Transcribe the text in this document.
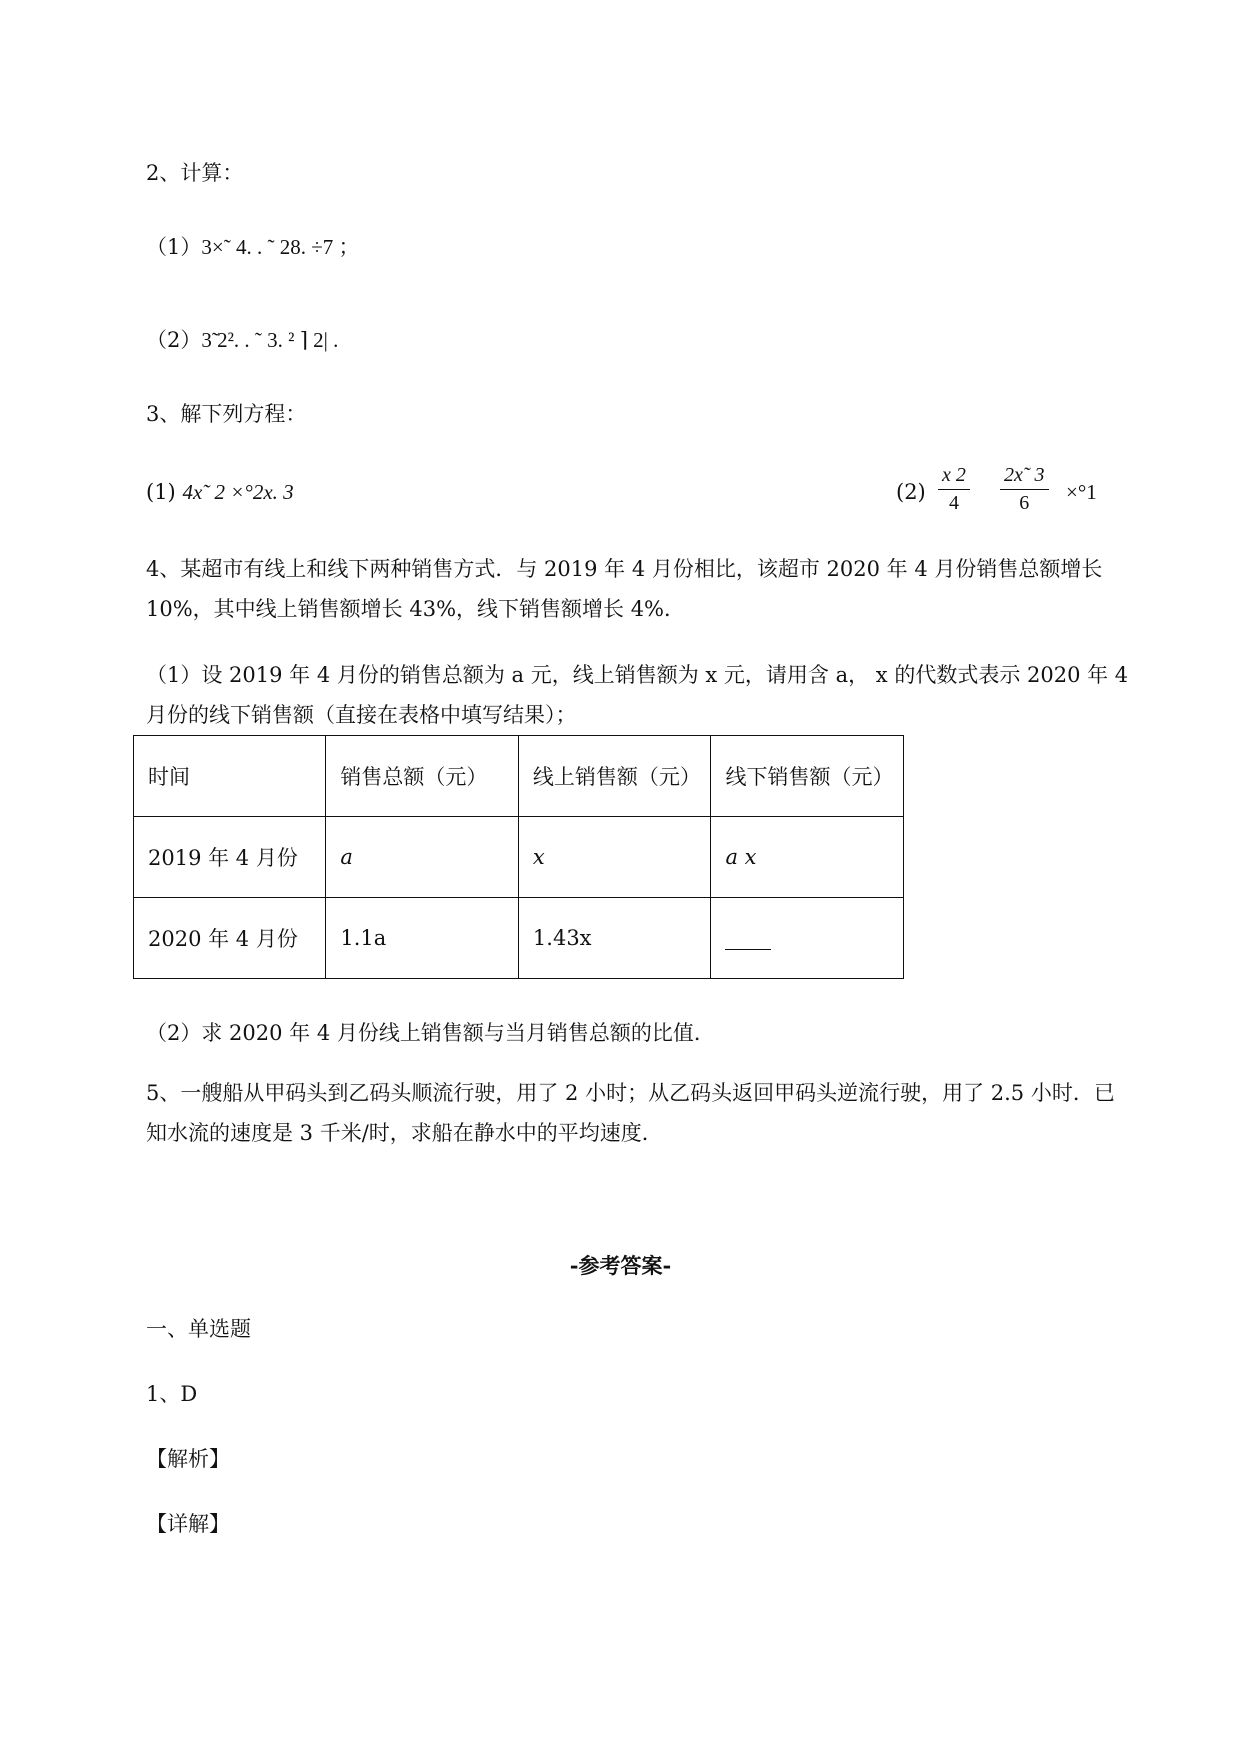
2、计算：
（1）3×˜ 4. . ˜ 28. ÷7 ；
（2）3̃ 2². . ˜ 3. ² ⌉ 2| .
3、解下列方程：
(1) 4x˜ 2 ×°2x. 3	$(2) \frac{x 2}{4} \frac{2x˜ 3}{6} \times^\circ 1$
4、某超市有线上和线下两种销售方式．与 2019 年 4 月份相比，该超市 2020 年 4 月份销售总额增长
10%，其中线上销售额增长 43%，线下销售额增长 4%．
（1）设 2019 年 4 月份的销售总额为 a 元，线上销售额为 x 元，请用含 a， x 的代数式表示 2020 年 4
月份的线下销售额（直接在表格中填写结果）；
时间	销售总额（元）	线上销售额（元）	线下销售额（元）
2019 年 4 月份	a	x	a x
2020 年 4 月份	1.1a	1.43x	
（2）求 2020 年 4 月份线上销售额与当月销售总额的比值．
5、一艘船从甲码头到乙码头顺流行驶，用了 2 小时；从乙码头返回甲码头逆流行驶，用了 2.5 小时．已
知水流的速度是 3 千米/时，求船在静水中的平均速度．
-参考答案-
一、单选题
1、D
【解析】
【详解】
